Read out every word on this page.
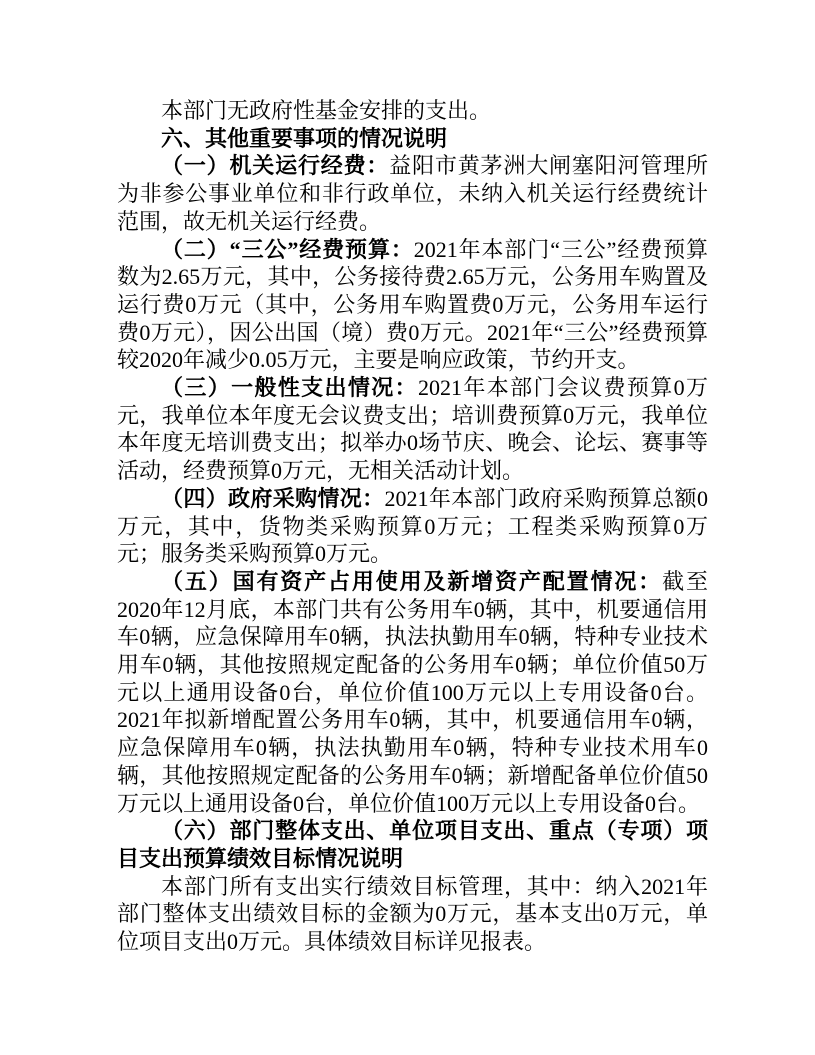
本部门无政府性基金安排的支出。

六、其他重要事项的情况说明

（一）机关运行经费：益阳市黄茅洲大闸塞阳河管理所为非参公事业单位和非行政单位，未纳入机关运行经费统计范围，故无机关运行经费。

（二）“三公”经费预算：2021年本部门“三公”经费预算数为2.65万元，其中，公务接待费2.65万元，公务用车购置及运行费0万元（其中，公务用车购置费0万元，公务用车运行费0万元），因公出国（境）费0万元。2021年“三公”经费预算较2020年减少0.05万元，主要是响应政策，节约开支。

（三）一般性支出情况：2021年本部门会议费预算0万元，我单位本年度无会议费支出；培训费预算0万元，我单位本年度无培训费支出；拟举办0场节庆、晚会、论坛、赛事等活动，经费预算0万元，无相关活动计划。

（四）政府采购情况：2021年本部门政府采购预算总额0万元，其中，货物类采购预算0万元；工程类采购预算0万元；服务类采购预算0万元。

（五）国有资产占用使用及新增资产配置情况：截至2020年12月底，本部门共有公务用车0辆，其中，机要通信用车0辆，应急保障用车0辆，执法执勤用车0辆，特种专业技术用车0辆，其他按照规定配备的公务用车0辆；单位价值50万元以上通用设备0台，单位价值100万元以上专用设备0台。2021年拟新增配置公务用车0辆，其中，机要通信用车0辆，应急保障用车0辆，执法执勤用车0辆，特种专业技术用车0辆，其他按照规定配备的公务用车0辆；新增配备单位价值50万元以上通用设备0台，单位价值100万元以上专用设备0台。

（六）部门整体支出、单位项目支出、重点（专项）项目支出预算绩效目标情况说明

本部门所有支出实行绩效目标管理，其中：纳入2021年部门整体支出绩效目标的金额为0万元，基本支出0万元，单位项目支出0万元。具体绩效目标详见报表。
